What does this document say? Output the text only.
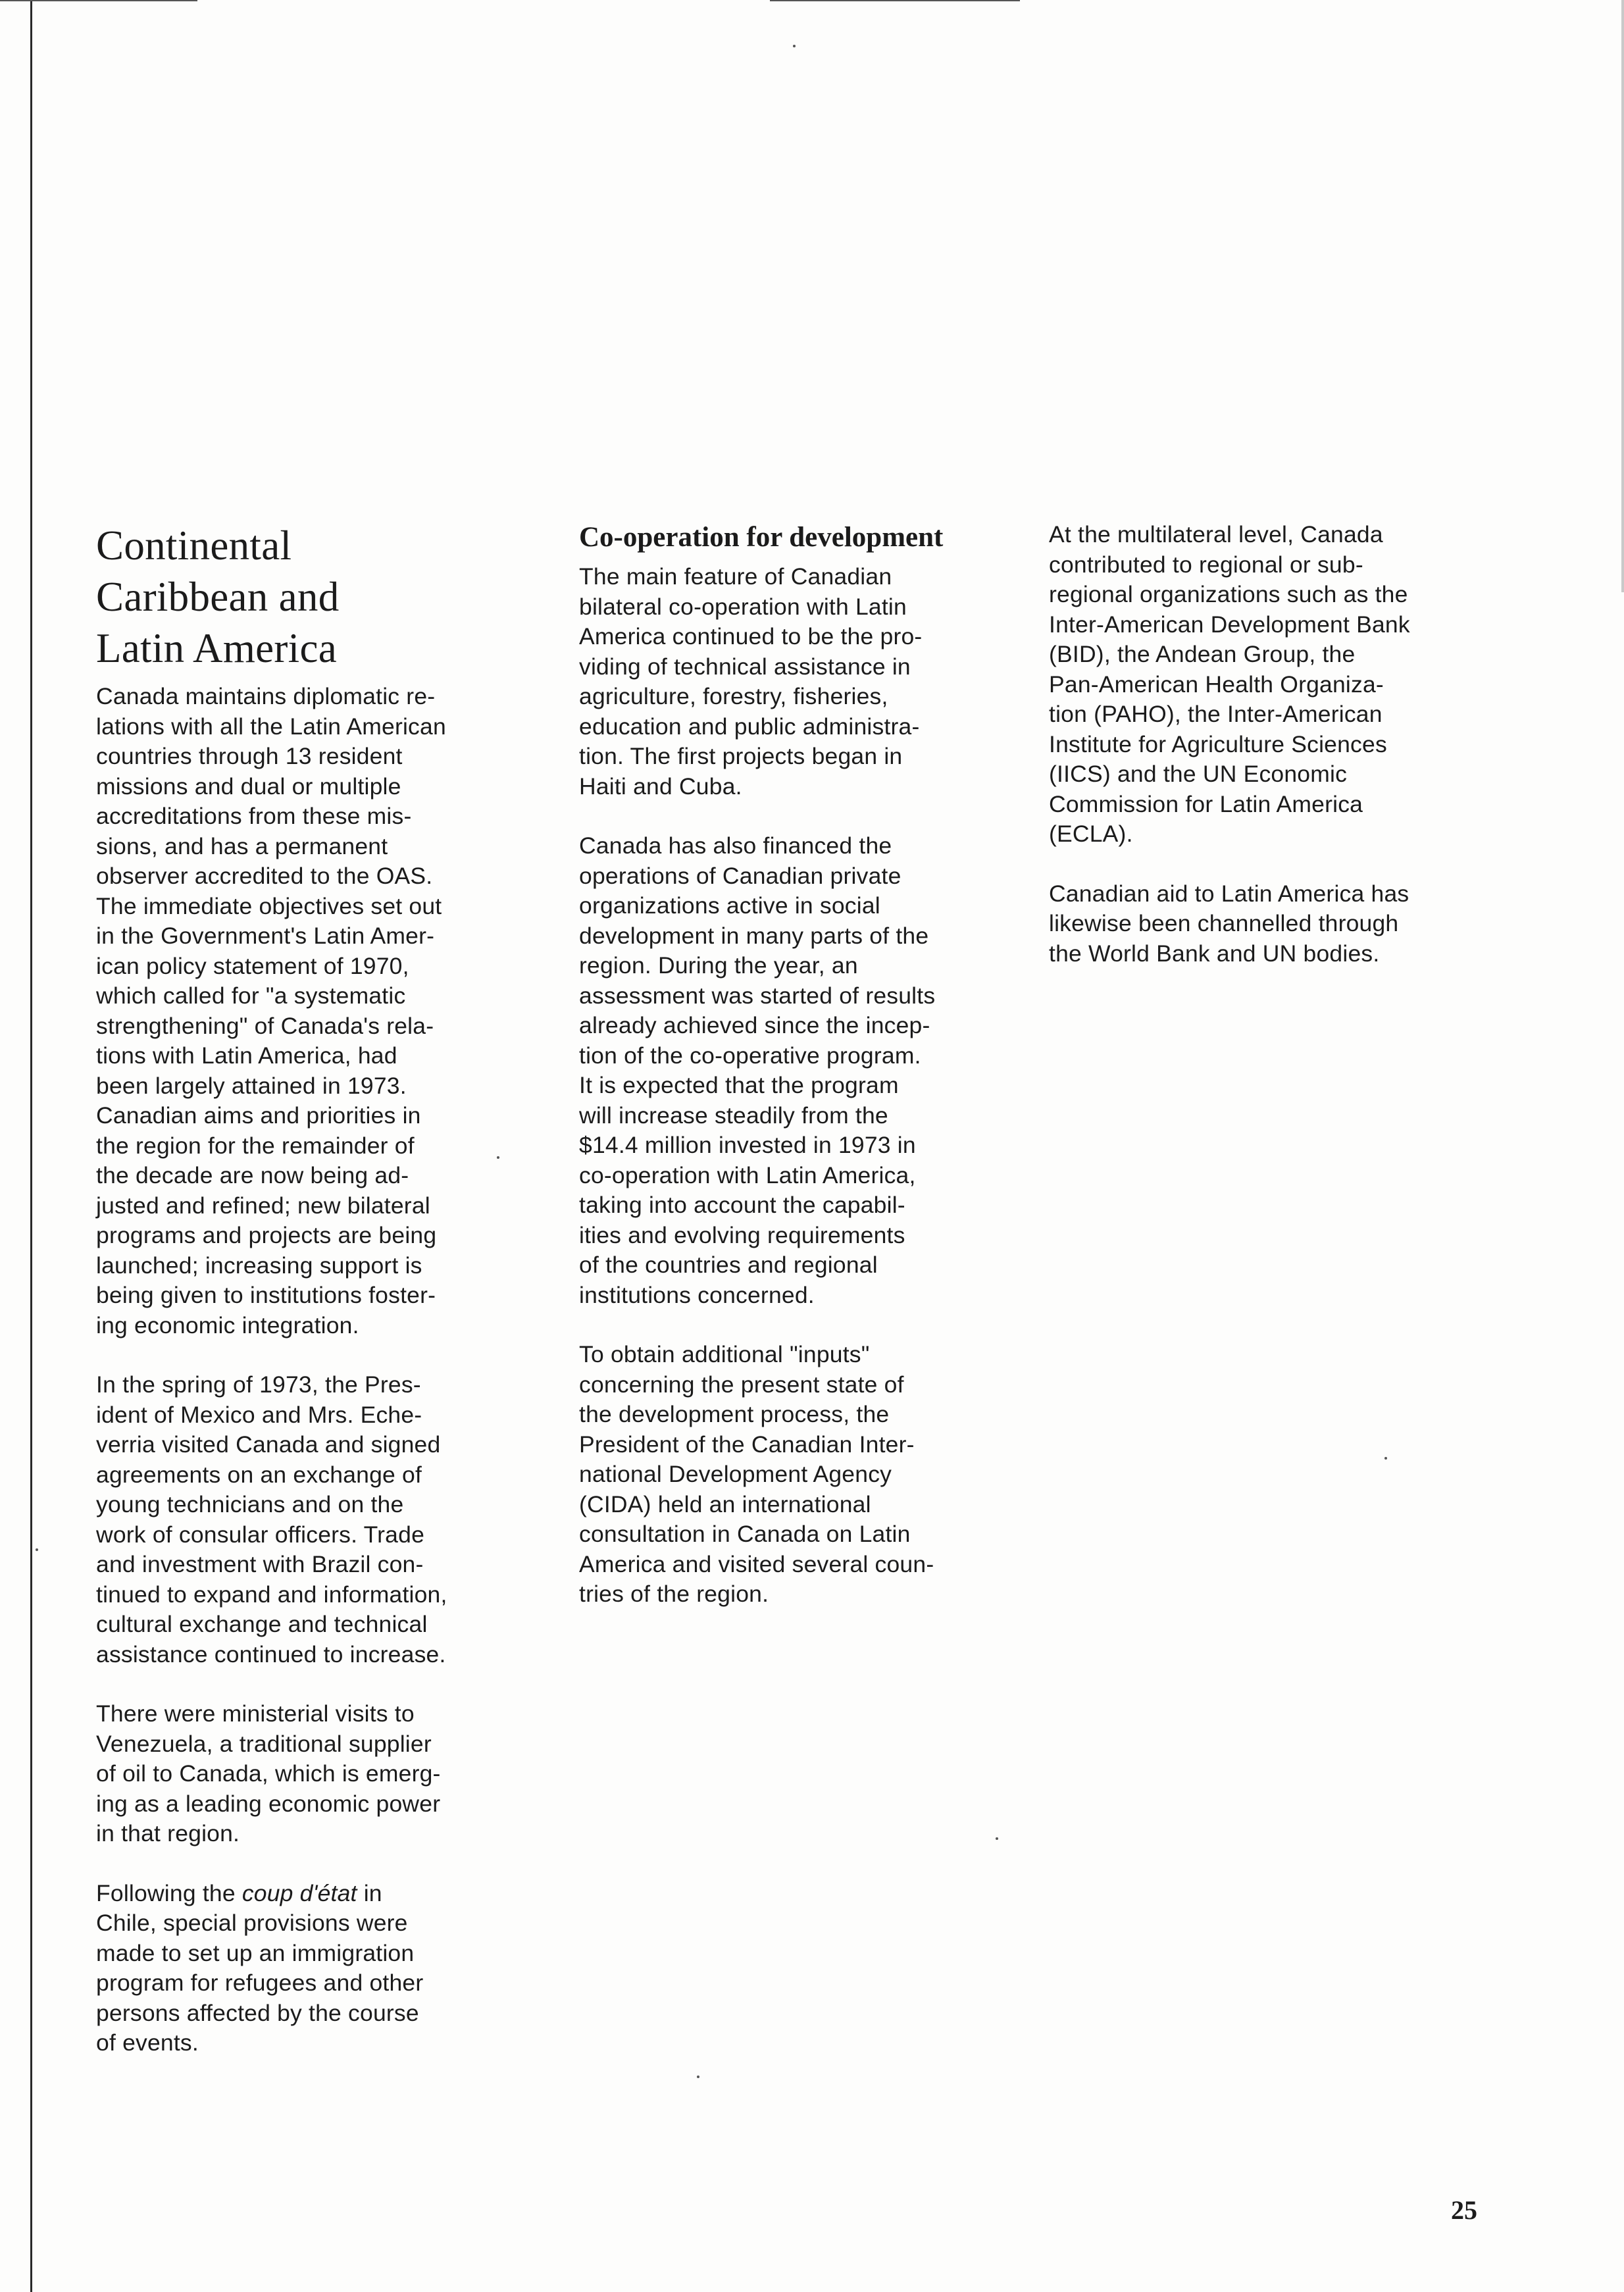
Continental
Caribbean and
Latin America

Canada maintains diplomatic re-
lations with all the Latin American
countries through 13 resident
missions and dual or multiple
accreditations from these mis-
sions, and has a permanent
observer accredited to the OAS.
The immediate objectives set out
in the Government's Latin Amer-
ican policy statement of 1970,
which called for "a systematic
strengthening" of Canada's rela-
tions with Latin America, had
been largely attained in 1973.
Canadian aims and priorities in
the region for the remainder of
the decade are now being ad-
justed and refined; new bilateral
programs and projects are being
launched; increasing support is
being given to institutions foster-
ing economic integration.

In the spring of 1973, the Pres-
ident of Mexico and Mrs. Eche-
verria visited Canada and signed
agreements on an exchange of
young technicians and on the
work of consular officers. Trade
and investment with Brazil con-
tinued to expand and information,
cultural exchange and technical
assistance continued to increase.

There were ministerial visits to
Venezuela, a traditional supplier
of oil to Canada, which is emerg-
ing as a leading economic power
in that region.

Following the coup d'état in
Chile, special provisions were
made to set up an immigration
program for refugees and other
persons affected by the course
of events.

Co-operation for development

The main feature of Canadian
bilateral co-operation with Latin
America continued to be the pro-
viding of technical assistance in
agriculture, forestry, fisheries,
education and public administra-
tion. The first projects began in
Haiti and Cuba.

Canada has also financed the
operations of Canadian private
organizations active in social
development in many parts of the
region. During the year, an
assessment was started of results
already achieved since the incep-
tion of the co-operative program.
It is expected that the program
will increase steadily from the
$14.4 million invested in 1973 in
co-operation with Latin America,
taking into account the capabil-
ities and evolving requirements
of the countries and regional
institutions concerned.

To obtain additional "inputs"
concerning the present state of
the development process, the
President of the Canadian Inter-
national Development Agency
(CIDA) held an international
consultation in Canada on Latin
America and visited several coun-
tries of the region.

At the multilateral level, Canada
contributed to regional or sub-
regional organizations such as the
Inter-American Development Bank
(BID), the Andean Group, the
Pan-American Health Organiza-
tion (PAHO), the Inter-American
Institute for Agriculture Sciences
(IICS) and the UN Economic
Commission for Latin America
(ECLA).

Canadian aid to Latin America has
likewise been channelled through
the World Bank and UN bodies.

25
